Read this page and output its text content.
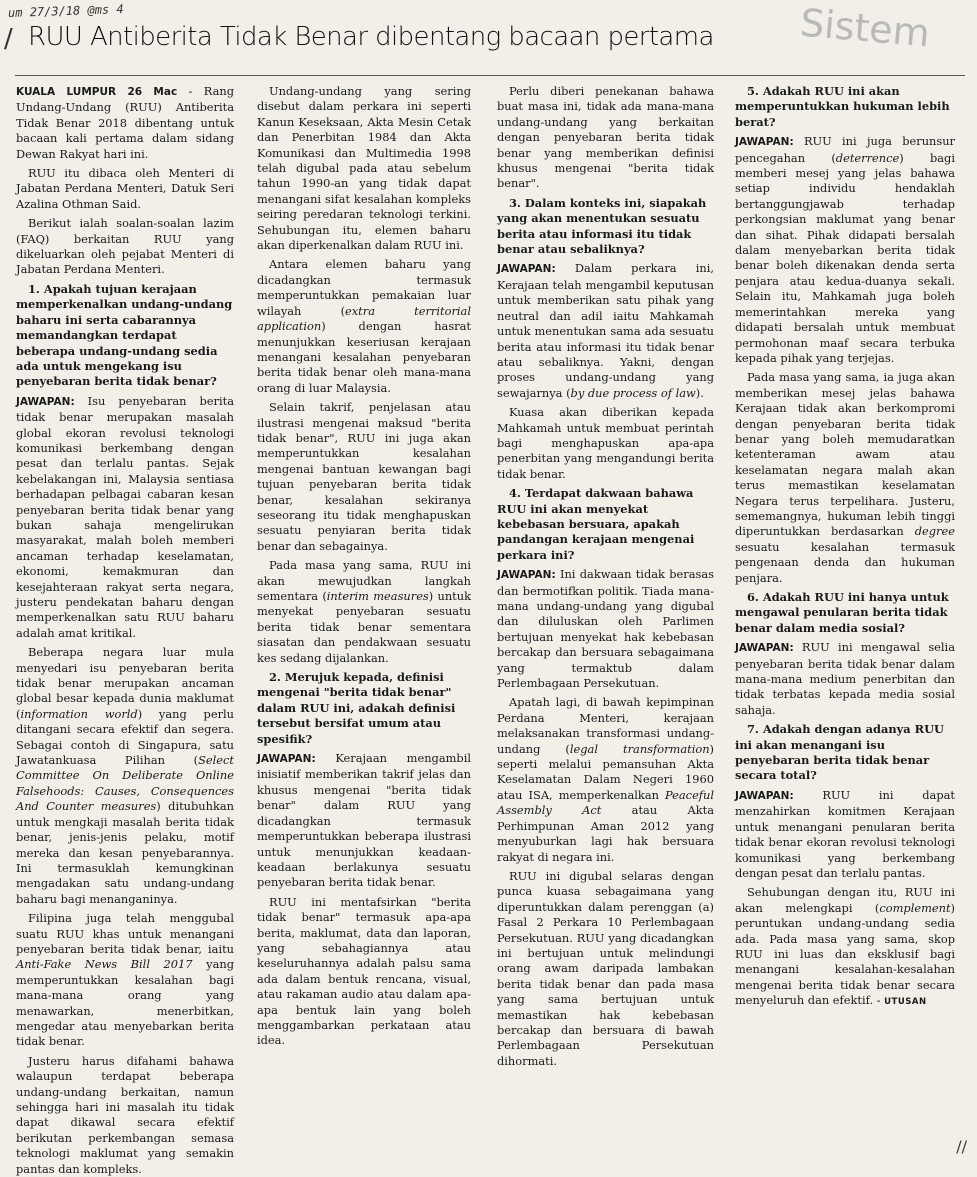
um 27/3/18 @ms 4
/ RUU Antiberita Tidak Benar dibentang bacaan pertama	Sistem

KUALA LUMPUR 26 Mac - Rang Undang-Undang (RUU) Antiberita Tidak Benar 2018 dibentang untuk bacaan kali pertama dalam sidang Dewan Rakyat hari ini.

RUU itu dibaca oleh Menteri di Jabatan Perdana Menteri, Datuk Seri Azalina Othman Said.

Berikut ialah soalan-soalan lazim (FAQ) berkaitan RUU yang dikeluarkan oleh pejabat Menteri di Jabatan Perdana Menteri.

1. Apakah tujuan kerajaan memperkenalkan undang-undang baharu ini serta cabarannya memandangkan terdapat beberapa undang-undang sedia ada untuk mengekang isu penyebaran berita tidak benar?

JAWAPAN: Isu penyebaran berita tidak benar merupakan masalah global ekoran revolusi teknologi komunikasi berkembang dengan pesat dan terlalu pantas. Sejak kebelakangan ini, Malaysia sentiasa berhadapan pelbagai cabaran kesan penyebaran berita tidak benar yang bukan sahaja mengelirukan masyarakat, malah boleh memberi ancaman terhadap keselamatan, ekonomi, kemakmuran dan kesejahteraan rakyat serta negara, justeru pendekatan baharu dengan memperkenalkan satu RUU baharu adalah amat kritikal.

Beberapa negara luar mula menyedari isu penyebaran berita tidak benar merupakan ancaman global besar kepada dunia maklumat (information world) yang perlu ditangani secara efektif dan segera. Sebagai contoh di Singapura, satu Jawatankuasa Pilihan (Select Committee On Deliberate Online Falsehoods: Causes, Consequences And Counter measures) ditubuhkan untuk mengkaji masalah berita tidak benar, jenis-jenis pelaku, motif mereka dan kesan penyebarannya. Ini termasuklah kemungkinan mengadakan satu undang-undang baharu bagi menanganinya.

Filipina juga telah menggubal suatu RUU khas untuk menangani penyebaran berita tidak benar, iaitu Anti-Fake News Bill 2017 yang memperuntukkan kesalahan bagi mana-mana orang yang menawarkan, menerbitkan, mengedar atau menyebarkan berita tidak benar.

Justeru harus difahami bahawa walaupun terdapat beberapa undang-undang berkaitan, namun sehingga hari ini masalah itu tidak dapat dikawal secara efektif berikutan perkembangan semasa teknologi maklumat yang semakin pantas dan kompleks.

Undang-undang yang sering disebut dalam perkara ini seperti Kanun Keseksaan, Akta Mesin Cetak dan Penerbitan 1984 dan Akta Komunikasi dan Multimedia 1998 telah digubal pada atau sebelum tahun 1990-an yang tidak dapat menangani sifat kesalahan kompleks seiring peredaran teknologi terkini. Sehubungan itu, elemen baharu akan diperkenalkan dalam RUU ini.

Antara elemen baharu yang dicadangkan termasuk memperuntukkan pemakaian luar wilayah (extra territorial application) dengan hasrat menunjukkan keseriusan kerajaan menangani kesalahan penyebaran berita tidak benar oleh mana-mana orang di luar Malaysia.

Selain takrif, penjelasan atau ilustrasi mengenai maksud "berita tidak benar", RUU ini juga akan memperuntukkan kesalahan mengenai bantuan kewangan bagi tujuan penyebaran berita tidak benar, kesalahan sekiranya seseorang itu tidak menghapuskan sesuatu penyiaran berita tidak benar dan sebagainya.

Pada masa yang sama, RUU ini akan mewujudkan langkah sementara (interim measures) untuk menyekat penyebaran sesuatu berita tidak benar sementara siasatan dan pendakwaan sesuatu kes sedang dijalankan.

2. Merujuk kepada, definisi mengenai "berita tidak benar" dalam RUU ini, adakah definisi tersebut bersifat umum atau spesifik?

JAWAPAN: Kerajaan mengambil inisiatif memberikan takrif jelas dan khusus mengenai "berita tidak benar" dalam RUU yang dicadangkan termasuk memperuntukkan beberapa ilustrasi untuk menunjukkan keadaan-keadaan berlakunya sesuatu penyebaran berita tidak benar.

RUU ini mentafsirkan "berita tidak benar" termasuk apa-apa berita, maklumat, data dan laporan, yang sebahagiannya atau keseluruhannya adalah palsu sama ada dalam bentuk rencana, visual, atau rakaman audio atau dalam apa-apa bentuk lain yang boleh menggambarkan perkataan atau idea.

Perlu diberi penekanan bahawa buat masa ini, tidak ada mana-mana undang-undang yang berkaitan dengan penyebaran berita tidak benar yang memberikan definisi khusus mengenai "berita tidak benar".

3. Dalam konteks ini, siapakah yang akan menentukan sesuatu berita atau informasi itu tidak benar atau sebaliknya?

JAWAPAN: Dalam perkara ini, Kerajaan telah mengambil keputusan untuk memberikan satu pihak yang neutral dan adil iaitu Mahkamah untuk menentukan sama ada sesuatu berita atau informasi itu tidak benar atau sebaliknya. Yakni, dengan proses undang-undang yang sewajarnya (by due process of law).

Kuasa akan diberikan kepada Mahkamah untuk membuat perintah bagi menghapuskan apa-apa penerbitan yang mengandungi berita tidak benar.

4. Terdapat dakwaan bahawa RUU ini akan menyekat kebebasan bersuara, apakah pandangan kerajaan mengenai perkara ini?

JAWAPAN: Ini dakwaan tidak berasas dan bermotifkan politik. Tiada mana-mana undang-undang yang digubal dan diluluskan oleh Parlimen bertujuan menyekat hak kebebasan bercakap dan bersuara sebagaimana yang termaktub dalam Perlembagaan Persekutuan.

Apatah lagi, di bawah kepimpinan Perdana Menteri, kerajaan melaksanakan transformasi undang-undang (legal transformation) seperti melalui pemansuhan Akta Keselamatan Dalam Negeri 1960 atau ISA, memperkenalkan Peaceful Assembly Act atau Akta Perhimpunan Aman 2012 yang menyuburkan lagi hak bersuara rakyat di negara ini.

RUU ini digubal selaras dengan punca kuasa sebagaimana yang diperuntukkan dalam perenggan (a) Fasal 2 Perkara 10 Perlembagaan Persekutuan. RUU yang dicadangkan ini bertujuan untuk melindungi orang awam daripada lambakan berita tidak benar dan pada masa yang sama bertujuan untuk memastikan hak kebebasan bercakap dan bersuara di bawah Perlembagaan Persekutuan dihormati.

5. Adakah RUU ini akan memperuntukkan hukuman lebih berat?

JAWAPAN: RUU ini juga berunsur pencegahan (deterrence) bagi memberi mesej yang jelas bahawa setiap individu hendaklah bertanggungjawab terhadap perkongsian maklumat yang benar dan sihat. Pihak didapati bersalah dalam menyebarkan berita tidak benar boleh dikenakan denda serta penjara atau kedua-duanya sekali. Selain itu, Mahkamah juga boleh memerintahkan mereka yang didapati bersalah untuk membuat permohonan maaf secara terbuka kepada pihak yang terjejas.

Pada masa yang sama, ia juga akan memberikan mesej jelas bahawa Kerajaan tidak akan berkompromi dengan penyebaran berita tidak benar yang boleh memudaratkan ketenteraman awam atau keselamatan negara malah akan terus memastikan keselamatan Negara terus terpelihara. Justeru, sememangnya, hukuman lebih tinggi diperuntukkan berdasarkan degree sesuatu kesalahan termasuk pengenaan denda dan hukuman penjara.

6. Adakah RUU ini hanya untuk mengawal penularan berita tidak benar dalam media sosial?

JAWAPAN: RUU ini mengawal selia penyebaran berita tidak benar dalam mana-mana medium penerbitan dan tidak terbatas kepada media sosial sahaja.

7. Adakah dengan adanya RUU ini akan menangani isu penyebaran berita tidak benar secara total?

JAWAPAN: RUU ini dapat menzahirkan komitmen Kerajaan untuk menangani penularan berita tidak benar ekoran revolusi teknologi komunikasi yang berkembang dengan pesat dan terlalu pantas.

Sehubungan dengan itu, RUU ini akan melengkapi (complement) peruntukan undang-undang sedia ada. Pada masa yang sama, skop RUU ini luas dan eksklusif bagi menangani kesalahan-kesalahan mengenai berita tidak benar secara menyeluruh dan efektif. - UTUSAN

//
